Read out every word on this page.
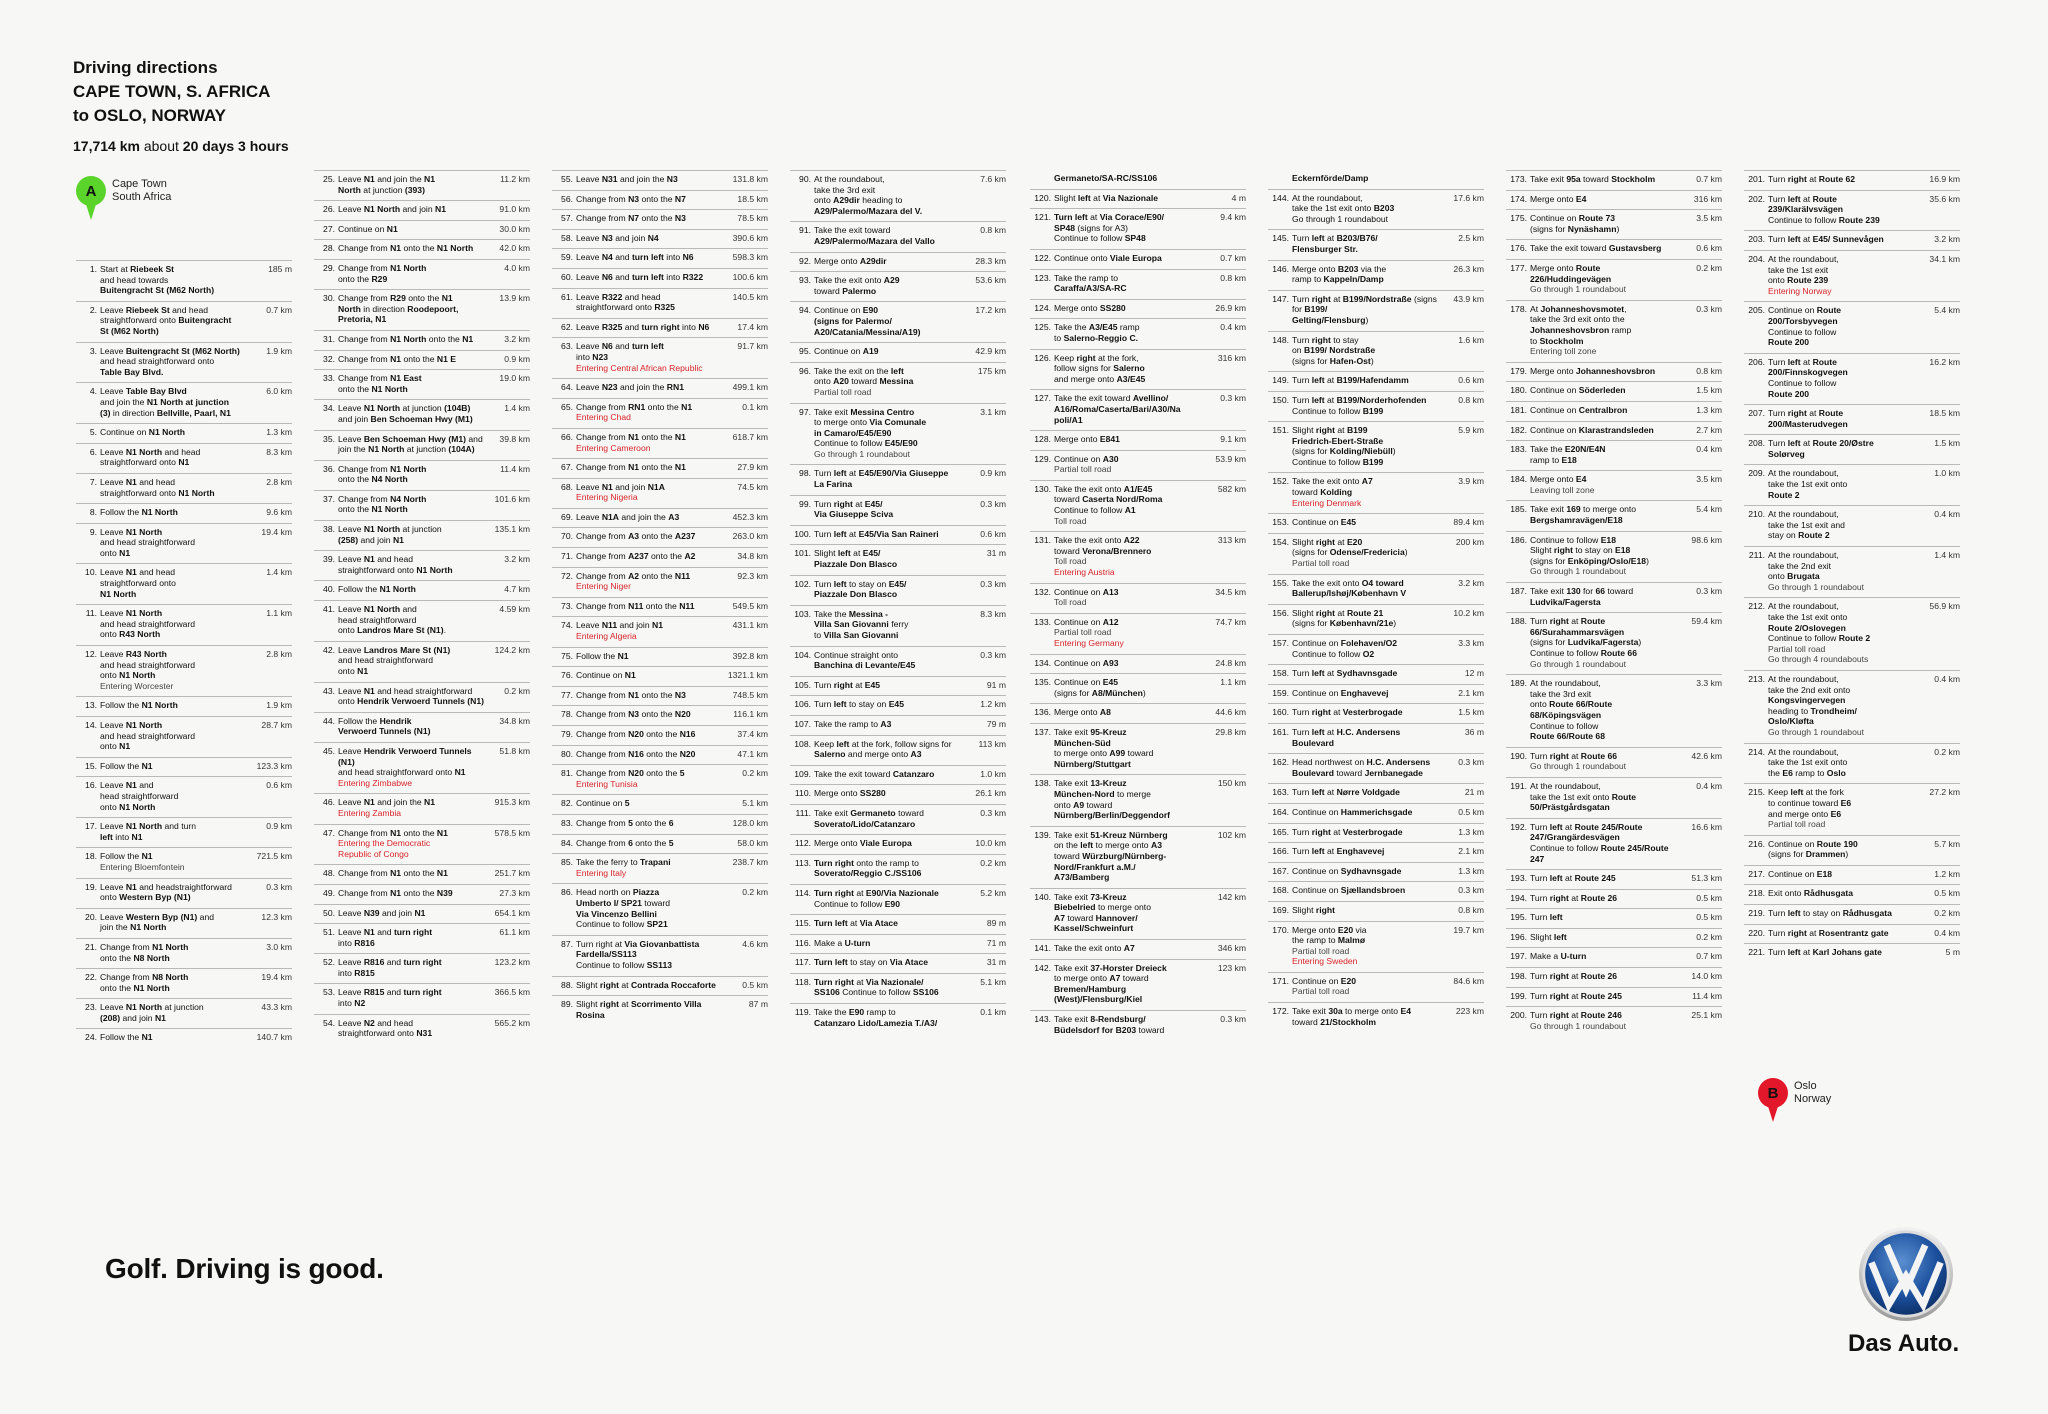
Driving directions
CAPE TOWN, S. AFRICA
to OSLO, NORWAY
17,714 km about 20 days 3 hours
A	Cape Town
South Africa
1. Start at Riebeek St
and head towards
Buitengracht St (M62 North)
185 m
2. Leave Riebeek St and head
straightforward onto Buitengracht
St (M62 North)
0.7 km
3. Leave Buitengracht St (M62 North)
and head straightforward onto
Table Bay Blvd.
1.9 km
4. Leave Table Bay Blvd
and join the N1 North at junction
(3) in direction Bellville, Paarl, N1
6.0 km
5. Continue on N1 North	1.3 km
6. Leave N1 North and head
straightforward onto N1
8.3 km
7. Leave N1 and head
straightforward onto N1 North
2.8 km
8. Follow the N1 North	9.6 km
9. Leave N1 North
and head straightforward
onto N1
19.4 km
10. Leave N1 and head
straightforward onto
N1 North
1.4 km
11. Leave N1 North
and head straightforward
onto R43 North
1.1 km
12. Leave R43 North
and head straightforward
onto N1 North
Entering Worcester
2.8 km
13. Follow the N1 North	1.9 km
14. Leave N1 North
and head straightforward
onto N1
28.7 km
15. Follow the N1	123.3 km
16. Leave N1 and
head straightforward
onto N1 North
0.6 km
17. Leave N1 North and turn
left into N1
0.9 km
18. Follow the N1
Entering Bloemfontein
721.5 km
19. Leave N1 and headstraightforward
onto Western Byp (N1)
0.3 km
20. Leave Western Byp (N1) and
join the N1 North
12.3 km
21. Change from N1 North
onto the N8 North
3.0 km
22. Change from N8 North
onto the N1 North
19.4 km
23. Leave N1 North at junction
(208) and join N1
43.3 km
24. Follow the N1	140.7 km
25. Leave N1 and join the N1
North at junction (393)
11.2 km
26. Leave N1 North and join N1	91.0 km
27. Continue on N1	30.0 km
28. Change from N1 onto the N1 North	42.0 km
29. Change from N1 North
onto the R29
4.0 km
30. Change from R29 onto the N1
North in direction Roodepoort,
Pretoria, N1
13.9 km
31. Change from N1 North onto the N1	3.2 km
32. Change from N1 onto the N1 E	0.9 km
33. Change from N1 East
onto the N1 North
19.0 km
34. Leave N1 North at junction (104B)
and join Ben Schoeman Hwy (M1)
1.4 km
35. Leave Ben Schoeman Hwy (M1) and
join the N1 North at junction (104A)
39.8 km
36. Change from N1 North
onto the N4 North
11.4 km
37. Change from N4 North
onto the N1 North
101.6 km
38. Leave N1 North at junction
(258) and join N1
135.1 km
39. Leave N1 and head
straightforward onto N1 North
3.2 km
40. Follow the N1 North	4.7 km
41. Leave N1 North and
head straightforward
onto Landros Mare St (N1).
4.59 km
42. Leave Landros Mare St (N1)
and head straightforward
onto N1
124.2 km
43. Leave N1 and head straightforward
onto Hendrik Verwoerd Tunnels (N1)
0.2 km
44. Follow the Hendrik
Verwoerd Tunnels (N1)
34.8 km
45. Leave Hendrik Verwoerd Tunnels (N1)
and head straightforward onto N1
Entering Zimbabwe
51.8 km
46. Leave N1 and join the N1
Entering Zambia
915.3 km
47. Change from N1 onto the N1
Entering the Democratic
Republic of Congo
578.5 km
48. Change from N1 onto the N1	251.7 km
49. Change from N1 onto the N39	27.3 km
50. Leave N39 and join N1	654.1 km
51. Leave N1 and turn right
into R816
61.1 km
52. Leave R816 and turn right
into R815
123.2 km
53. Leave R815 and turn right
into N2
366.5 km
54. Leave N2 and head
straightforward onto N31
565.2 km
55. Leave N31 and join the N3	131.8 km
56. Change from N3 onto the N7	18.5 km
57. Change from N7 onto the N3	78.5 km
58. Leave N3 and join N4	390.6 km
59. Leave N4 and turn left into N6	598.3 km
60. Leave N6 and turn left into R322	100.6 km
61. Leave R322 and head
straightforward onto R325
140.5 km
62. Leave R325 and turn right into N6	17.4 km
63. Leave N6 and turn left
into N23
Entering Central African Republic
91.7 km
64. Leave N23 and join the RN1	499.1 km
65. Change from RN1 onto the N1
Entering Chad
0.1 km
66. Change from N1 onto the N1
Entering Cameroon
618.7 km
67. Change from N1 onto the N1	27.9 km
68. Leave N1 and join N1A
Entering Nigeria
74.5 km
69. Leave N1A and join the A3	452.3 km
70. Change from A3 onto the A237	263.0 km
71. Change from A237 onto the A2	34.8 km
72. Change from A2 onto the N11
Entering Niger
92.3 km
73. Change from N11 onto the N11	549.5 km
74. Leave N11 and join N1
Entering Algeria
431.1 km
75. Follow the N1	392.8 km
76. Continue on N1	1321.1 km
77. Change from N1 onto the N3	748.5 km
78. Change from N3 onto the N20	116.1 km
79. Change from N20 onto the N16	37.4 km
80. Change from N16 onto the N20	47.1 km
81. Change from N20 onto the 5
Entering Tunisia
0.2 km
82. Continue on 5	5.1 km
83. Change from 5 onto the 6	128.0 km
84. Change from 6 onto the 5	58.0 km
85. Take the ferry to Trapani
Entering Italy
238.7 km
86. Head north on Piazza
Umberto I/ SP21 toward
Via Vincenzo Bellini
Continue to follow SP21
0.2 km
87. Turn right at Via Giovanbattista
Fardella/SS113
Continue to follow SS113
4.6 km
88. Slight right at Contrada Roccaforte	0.5 km
89. Slight right at Scorrimento Villa
Rosina
87 m
90. At the roundabout,
take the 3rd exit
onto A29dir heading to
A29/Palermo/Mazara del V.
7.6 km
91. Take the exit toward
A29/Palermo/Mazara del Vallo
0.8 km
92. Merge onto A29dir	28.3 km
93. Take the exit onto A29
toward Palermo
53.6 km
94. Continue on E90
(signs for Palermo/
A20/Catania/Messina/A19)
17.2 km
95. Continue on A19	42.9 km
96. Take the exit on the left
onto A20 toward Messina
Partial toll road
175 km
97. Take exit Messina Centro
to merge onto Via Comunale
in Camaro/E45/E90
Continue to follow E45/E90
Go through 1 roundabout
3.1 km
98. Turn left at E45/E90/Via Giuseppe
La Farina
0.9 km
99. Turn right at E45/
Via Giuseppe Sciva
0.3 km
100. Turn left at E45/Via San Raineri	0.6 km
101. Slight left at E45/
Piazzale Don Blasco
31 m
102. Turn left to stay on E45/
Piazzale Don Blasco
0.3 km
103. Take the Messina -
Villa San Giovanni ferry
to Villa San Giovanni
8.3 km
104. Continue straight onto
Banchina di Levante/E45
0.3 km
105. Turn right at E45	91 m
106. Turn left to stay on E45	1.2 km
107. Take the ramp to A3	79 m
108. Keep left at the fork, follow signs for
Salerno and merge onto A3
113 km
109. Take the exit toward Catanzaro	1.0 km
110. Merge onto SS280	26.1 km
111. Take exit Germaneto toward
Soverato/Lido/Catanzaro
0.3 km
112. Merge onto Viale Europa	10.0 km
113. Turn right onto the ramp to
Soverato/Reggio C./SS106
0.2 km
114. Turn right at E90/Via Nazionale
Continue to follow E90
5.2 km
115. Turn left at Via Atace	89 m
116. Make a U-turn	71 m
117. Turn left to stay on Via Atace	31 m
118. Turn right at Via Nazionale/
SS106 Continue to follow SS106
5.1 km
119. Take the E90 ramp to
Catanzaro Lido/Lamezia T./A3/
0.1 km
Germaneto/SA-RC/SS106
120. Slight left at Via Nazionale	4 m
121. Turn left at Via Corace/E90/
SP48 (signs for A3)
Continue to follow SP48
9.4 km
122. Continue onto Viale Europa	0.7 km
123. Take the ramp to
Caraffa/A3/SA-RC
0.8 km
124. Merge onto SS280	26.9 km
125. Take the A3/E45 ramp
to Salerno-Reggio C.
0.4 km
126. Keep right at the fork,
follow signs for Salerno
and merge onto A3/E45
316 km
127. Take the exit toward Avellino/
A16/Roma/Caserta/Bari/A30/Na
poli/A1
0.3 km
128. Merge onto E841	9.1 km
129. Continue on A30
Partial toll road
53.9 km
130. Take the exit onto A1/E45
toward Caserta Nord/Roma
Continue to follow A1
Toll road
582 km
131. Take the exit onto A22
toward Verona/Brennero
Toll road
Entering Austria
313 km
132. Continue on A13
Toll road
34.5 km
133. Continue on A12
Partial toll road
Entering Germany
74.7 km
134. Continue on A93	24.8 km
135. Continue on E45
(signs for A8/München)
1.1 km
136. Merge onto A8	44.6 km
137. Take exit 95-Kreuz
München-Süd
to merge onto A99 toward
Nürnberg/Stuttgart
29.8 km
138. Take exit 13-Kreuz
München-Nord to merge
onto A9 toward
Nürnberg/Berlin/Deggendorf
150 km
139. Take exit 51-Kreuz Nürnberg
on the left to merge onto A3
toward Würzburg/Nürnberg-
Nord/Frankfurt a.M./
A73/Bamberg
102 km
140. Take exit 73-Kreuz
Biebelried to merge onto
A7 toward Hannover/
Kassel/Schweinfurt
142 km
141. Take the exit onto A7	346 km
142. Take exit 37-Horster Dreieck
to merge onto A7 toward
Bremen/Hamburg
(West)/Flensburg/Kiel
123 km
143. Take exit 8-Rendsburg/
Büdelsdorf for B203 toward
0.3 km
Eckernförde/Damp
144. At the roundabout,
take the 1st exit onto B203
Go through 1 roundabout
17.6 km
145. Turn left at B203/B76/
Flensburger Str.
2.5 km
146. Merge onto B203 via the
ramp to Kappeln/Damp
26.3 km
147. Turn right at B199/Nordstraße (signs
for B199/
Gelting/Flensburg)
43.9 km
148. Turn right to stay
on B199/ Nordstraße
(signs for Hafen-Ost)
1.6 km
149. Turn left at B199/Hafendamm	0.6 km
150. Turn left at B199/Norderhofenden
Continue to follow B199
0.8 km
151. Slight right at B199
Friedrich-Ebert-Straße
(signs for Kolding/Niebüll)
Continue to follow B199
5.9 km
152. Take the exit onto A7
toward Kolding
Entering Denmark
3.9 km
153. Continue on E45	89.4 km
154. Slight right at E20
(signs for Odense/Fredericia)
Partial toll road
200 km
155. Take the exit onto O4 toward
Ballerup/Ishøj/København V
3.2 km
156. Slight right at Route 21
(signs for København/21e)
10.2 km
157. Continue on Folehaven/O2
Continue to follow O2
3.3 km
158. Turn left at Sydhavnsgade	12 m
159. Continue on Enghavevej	2.1 km
160. Turn right at Vesterbrogade	1.5 km
161. Turn left at H.C. Andersens
Boulevard
36 m
162. Head northwest on H.C. Andersens
Boulevard toward Jernbanegade
0.3 km
163. Turn left at Nørre Voldgade	21 m
164. Continue on Hammerichsgade	0.5 km
165. Turn right at Vesterbrogade	1.3 km
166. Turn left at Enghavevej	2.1 km
167. Continue on Sydhavnsgade	1.3 km
168. Continue on Sjællandsbroen	0.3 km
169. Slight right	0.8 km
170. Merge onto E20 via
the ramp to Malmø
Partial toll road
Entering Sweden
19.7 km
171. Continue on E20
Partial toll road
84.6 km
172. Take exit 30a to merge onto E4
toward 21/Stockholm
223 km
173. Take exit 95a toward Stockholm	0.7 km
174. Merge onto E4	316 km
175. Continue on Route 73
(signs for Nynäshamn)
3.5 km
176. Take the exit toward Gustavsberg	0.6 km
177. Merge onto Route
226/Huddingevägen
Go through 1 roundabout
0.2 km
178. At Johanneshovsmotet,
take the 3rd exit onto the
Johanneshovsbron ramp
to Stockholm
Entering toll zone
0.3 km
179. Merge onto Johanneshovsbron	0.8 km
180. Continue on Söderleden	1.5 km
181. Continue on Centralbron	1.3 km
182. Continue on Klarastrandsleden	2.7 km
183. Take the E20N/E4N
ramp to E18
0.4 km
184. Merge onto E4
Leaving toll zone
3.5 km
185. Take exit 169 to merge onto
Bergshamravägen/E18
5.4 km
186. Continue to follow E18
Slight right to stay on E18
(signs for Enköping/Oslo/E18)
Go through 1 roundabout
98.6 km
187. Take exit 130 for 66 toward
Ludvika/Fagersta
0.3 km
188. Turn right at Route
66/Surahammarsvägen
(signs for Ludvika/Fagersta)
Continue to follow Route 66
Go through 1 roundabout
59.4 km
189. At the roundabout,
take the 3rd exit
onto Route 66/Route
68/Köpingsvägen
Continue to follow
Route 66/Route 68
3.3 km
190. Turn right at Route 66
Go through 1 roundabout
42.6 km
191. At the roundabout,
take the 1st exit onto Route
50/Prästgårdsgatan
0.4 km
192. Turn left at Route 245/Route
247/Grangärdesvägen
Continue to follow Route 245/Route
247
16.6 km
193. Turn left at Route 245	51.3 km
194. Turn right at Route 26	0.5 km
195. Turn left	0.5 km
196. Slight left	0.2 km
197. Make a U-turn	0.7 km
198. Turn right at Route 26	14.0 km
199. Turn right at Route 245	11.4 km
200. Turn right at Route 246
Go through 1 roundabout
25.1 km
201. Turn right at Route 62	16.9 km
202. Turn left at Route
239/Klarälvsvägen
Continue to follow Route 239
35.6 km
203. Turn left at E45/ Sunnevågen	3.2 km
204. At the roundabout,
take the 1st exit
onto Route 239
Entering Norway
34.1 km
205. Continue on Route
200/Torsbyvegen
Continue to follow
Route 200
5.4 km
206. Turn left at Route
200/Finnskogvegen
Continue to follow
Route 200
16.2 km
207. Turn right at Route
200/Masterudvegen
18.5 km
208. Turn left at Route 20/Østre
Solørveg
1.5 km
209. At the roundabout,
take the 1st exit onto
Route 2
1.0 km
210. At the roundabout,
take the 1st exit and
stay on Route 2
0.4 km
211. At the roundabout,
take the 2nd exit
onto Brugata
Go through 1 roundabout
1.4 km
212. At the roundabout,
take the 1st exit onto
Route 2/Oslovegen
Continue to follow Route 2
Partial toll road
Go through 4 roundabouts
56.9 km
213. At the roundabout,
take the 2nd exit onto
Kongsvingervegen
heading to Trondheim/
Oslo/Kløfta
Go through 1 roundabout
0.4 km
214. At the roundabout,
take the 1st exit onto
the E6 ramp to Oslo
0.2 km
215. Keep left at the fork
to continue toward E6
and merge onto E6
Partial toll road
27.2 km
216. Continue on Route 190
(signs for Drammen)
5.7 km
217. Continue on E18	1.2 km
218. Exit onto Rådhusgata	0.5 km
219. Turn left to stay on Rådhusgata	0.2 km
220. Turn right at Rosentrantz gate	0.4 km
221. Turn left at Karl Johans gate	5 m
B	Oslo
Norway
Golf. Driving is good.
Das Auto.
